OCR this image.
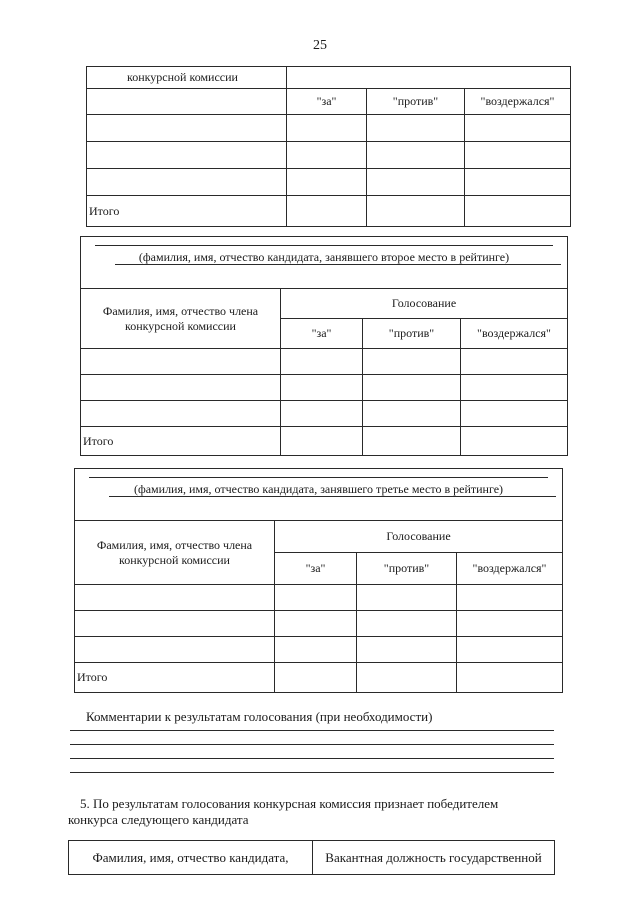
25
конкурсной комиссии			
	"за"	"против"	"воздержался"

Итого			
(фамилия, имя, отчество кандидата, занявшего второе место в рейтинге)			

Фамилия, имя, отчество члена конкурсной комиссии	Голосование		
	"за"	"против"	"воздержался"

Итого			
(фамилия, имя, отчество кандидата, занявшего третье место в рейтинге)			

Фамилия, имя, отчество члена конкурсной комиссии	Голосование		
	"за"	"против"	"воздержался"

Итого			
Комментарии к результатам голосования (при необходимости)

5. По результатам голосования конкурсная комиссия признает победителем

конкурса следующего кандидата

Фамилия, имя, отчество кандидата,	Вакантная должность государственной
